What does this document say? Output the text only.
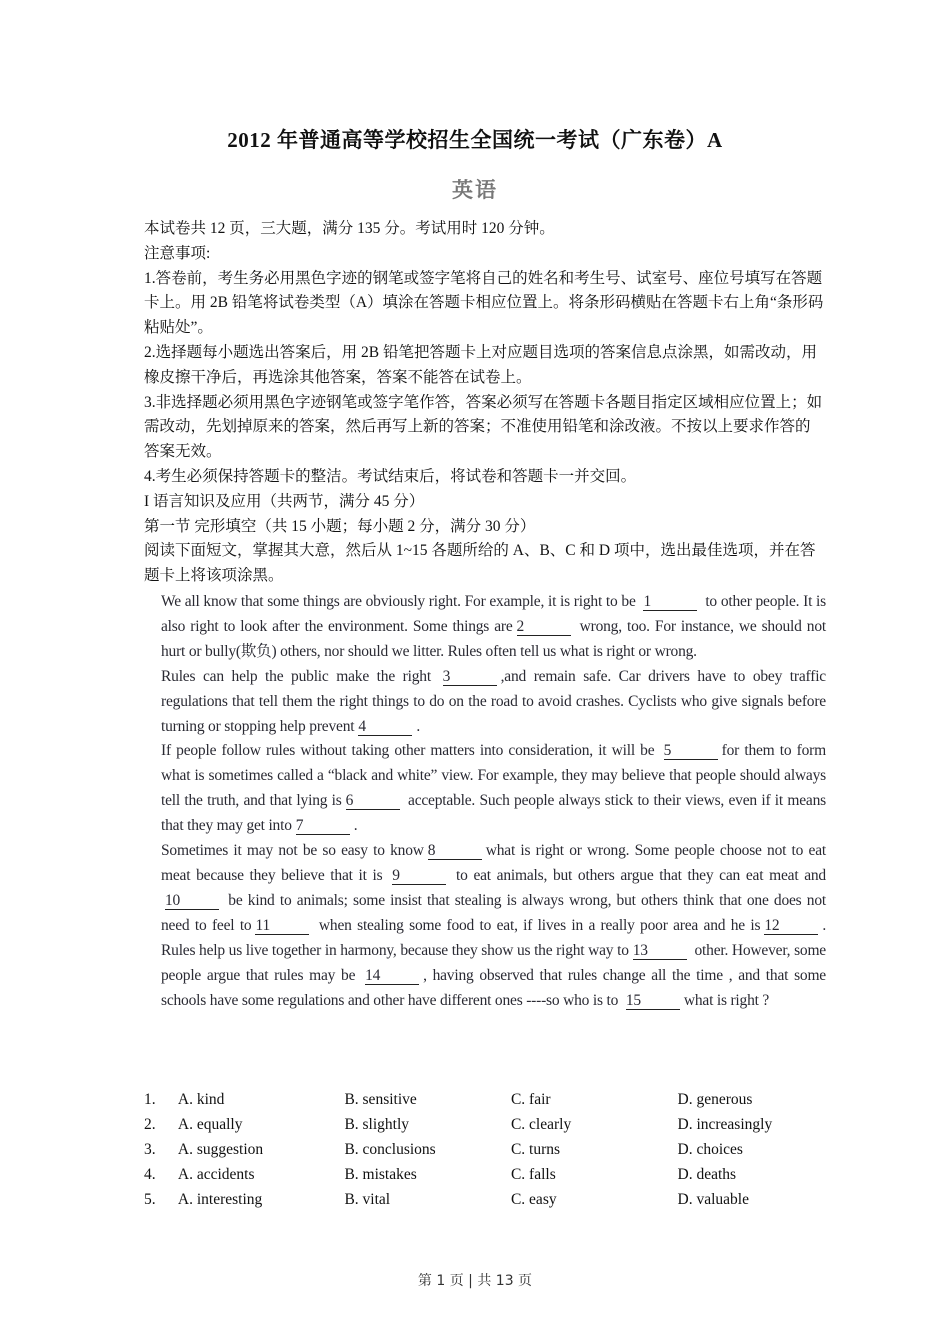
2012 年普通高等学校招生全国统一考试（广东卷）A
英语

本试卷共 12 页，三大题，满分 135 分。考试用时 120 分钟。

注意事项:

1.答卷前，考生务必用黑色字迹的钢笔或签字笔将自己的姓名和考生号、试室号、座位号填写在答题卡上。用 2B 铅笔将试卷类型（A）填涂在答题卡相应位置上。将条形码横贴在答题卡右上角“条形码粘贴处”。

2.选择题每小题选出答案后，用 2B 铅笔把答题卡上对应题目选项的答案信息点涂黑，如需改动，用橡皮擦干净后，再选涂其他答案，答案不能答在试卷上。

3.非选择题必须用黑色字迹钢笔或签字笔作答，答案必须写在答题卡各题目指定区域相应位置上；如需改动，先划掉原来的答案，然后再写上新的答案；不准使用铅笔和涂改液。不按以上要求作答的答案无效。

4.考生必须保持答题卡的整洁。考试结束后，将试卷和答题卡一并交回。

I 语言知识及应用（共两节，满分 45 分）

第一节 完形填空（共 15 小题；每小题 2 分，满分 30 分）

阅读下面短文，掌握其大意，然后从 1~15 各题所给的 A、B、C 和 D 项中，选出最佳选项，并在答题卡上将该项涂黑。

We all know that some things are obviously right. For example, it is right to be 1	to other people. It is also right to look after the environment. Some things are 2	wrong, too. For instance, we should not hurt or bully(欺负) others, nor should we litter. Rules often tell us what is right or wrong.

Rules can help the public make the right 3	,and remain safe. Car drivers have to obey traffic regulations that tell them the right things to do on the road to avoid crashes. Cyclists who give signals before turning or stopping help prevent 4	.

If people follow rules without taking other matters into consideration, it will be 5	for them to form what is sometimes called a “black and white” view. For example, they may believe that people should always tell the truth, and that lying is 6	acceptable. Such people always stick to their views, even if it means that they may get into 7	.

Sometimes it may not be so easy to know 8	what is right or wrong. Some people choose not to eat meat because they believe that it is 9	to eat animals, but others argue that they can eat meat and 10	be kind to animals; some insist that stealing is always wrong, but others think that one does not need to feel to 11	when stealing some food to eat, if lives in a really poor area and he is 12	. Rules help us live together in harmony, because they show us the right way to 13	other. However, some people argue that rules may be 14	, having observed that rules change all the time , and that some schools have some regulations and other have different ones ----so who is to 15	what is right ?

1.	A. kind	B. sensitive	C. fair	D. generous
2.	A. equally	B. slightly	C. clearly	D. increasingly
3.	A. suggestion	B. conclusions	C. turns	D. choices
4.	A. accidents	B. mistakes	C. falls	D. deaths
5.	A. interesting	B. vital	C. easy	D. valuable
第 1 页 | 共 13 页
